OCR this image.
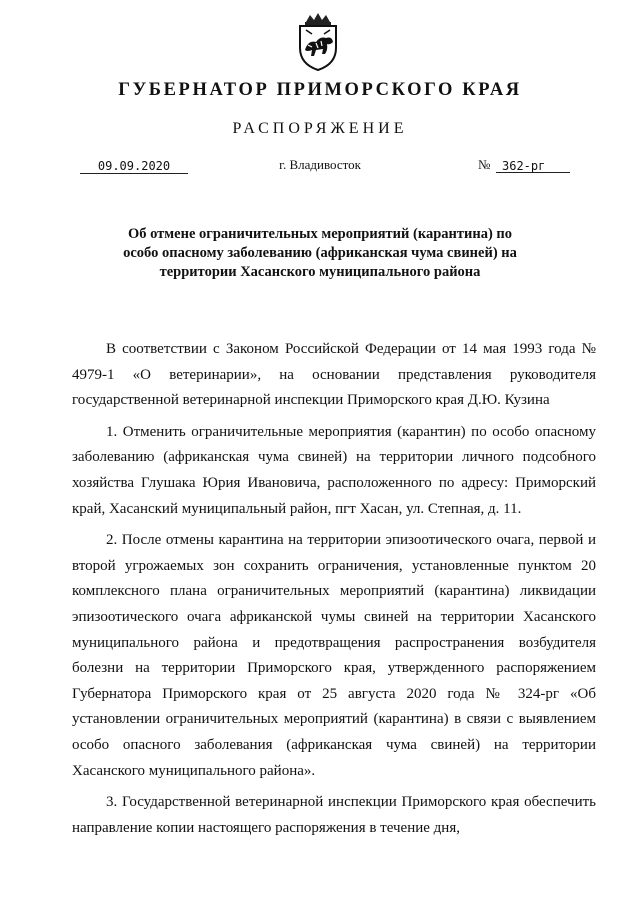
ГУБЕРНАТОР ПРИМОРСКОГО КРАЯ
РАСПОРЯЖЕНИЕ
09.09.2020	г. Владивосток	№ 362-рг
Об отмене ограничительных мероприятий (карантина) по особо опасному заболеванию (африканская чума свиней) на территории Хасанского муниципального района

В соответствии с Законом Российской Федерации от 14 мая 1993 года № 4979-1 «О ветеринарии», на основании представления руководителя государственной ветеринарной инспекции Приморского края Д.Ю. Кузина

1. Отменить ограничительные мероприятия (карантин) по особо опасному заболеванию (африканская чума свиней) на территории личного подсобного хозяйства Глушака Юрия Ивановича, расположенного по адресу: Приморский край, Хасанский муниципальный район, пгт Хасан, ул. Степная, д. 11.

2. После отмены карантина на территории эпизоотического очага, первой и второй угрожаемых зон сохранить ограничения, установленные пунктом 20 комплексного плана ограничительных мероприятий (карантина) ликвидации эпизоотического очага африканской чумы свиней на территории Хасанского муниципального района и предотвращения распространения возбудителя болезни на территории Приморского края, утвержденного распоряжением Губернатора Приморского края от 25 августа 2020 года № 324-рг «Об установлении ограничительных мероприятий (карантина) в связи с выявлением особо опасного заболевания (африканская чума свиней) на территории Хасанского муниципального района».

3. Государственной ветеринарной инспекции Приморского края обеспечить направление копии настоящего распоряжения в течение дня,
